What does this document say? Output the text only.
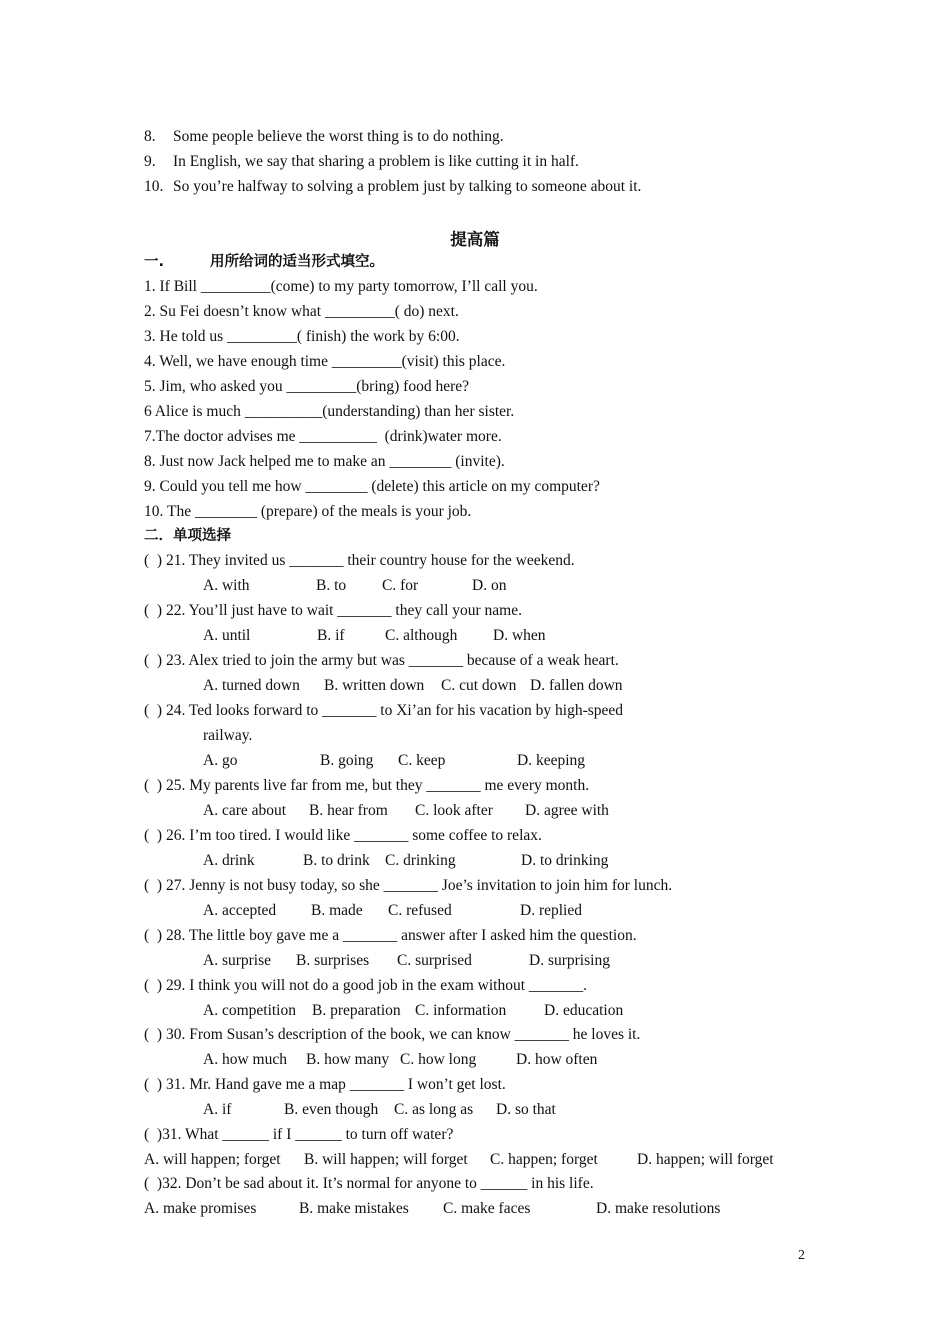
8. Some people believe the worst thing is to do nothing.
9. In English, we say that sharing a problem is like cutting it in half.
10. So you’re halfway to solving a problem just by talking to someone about it.
提高篇
一.	用所给词的适当形式填空。
1. If Bill _________(come) to my party tomorrow, I’ll call you.
2. Su Fei doesn’t know what _________( do) next.
3. He told us _________( finish) the work by 6:00.
4. Well, we have enough time _________(visit) this place.
5. Jim, who asked you _________(bring) food here?
6 Alice is much __________(understanding) than her sister.
7.The doctor advises me __________  (drink)water more.
8. Just now Jack helped me to make an ________ (invite).
9. Could you tell me how ________ (delete) this article on my computer?
10. The ________ (prepare) of the meals is your job.
二．单项选择
(  ) 21. They invited us _______ their country house for the weekend.
A. with	B. to C. for	D. on
(  ) 22. You’ll just have to wait _______ they call your name.
A. until	B. if	C. although D. when
(  ) 23. Alex tried to join the army but was _______ because of a weak heart.
A. turned down B. written down C. cut down D. fallen down
(  ) 24. Ted looks forward to _______ to Xi’an for his vacation by high-speed
railway.
A. go	B. going C. keep	D. keeping
(  ) 25. My parents live far from me, but they _______ me every month.
A. care about B. hear from C. look after D. agree with
(  ) 26. I’m too tired. I would like _______ some coffee to relax.
A. drink	B. to drink C. drinking	D. to drinking
(  ) 27. Jenny is not busy today, so she _______ Joe’s invitation to join him for lunch.
A. accepted B. made C. refused	D. replied
(  ) 28. The little boy gave me a _______ answer after I asked him the question.
A. surprise B. surprises C. surprised	D. surprising
(  ) 29. I think you will not do a good job in the exam without _______.
A. competition B. preparation C. information D. education
(  ) 30. From Susan’s description of the book, we can know _______ he loves it.
A. how much B. how many C. how long	D. how often
(  ) 31. Mr. Hand gave me a map _______ I won’t get lost.
A. if	B. even though C. as long as D. so that
(  )31. What ______ if I ______ to turn off water?
A. will happen; forget B. will happen; will forget C. happen; forget	D. happen; will forget
(  )32. Don’t be sad about it. It’s normal for anyone to ______ in his life.
A. make promises	B. make mistakes C. make faces	D. make resolutions
2
